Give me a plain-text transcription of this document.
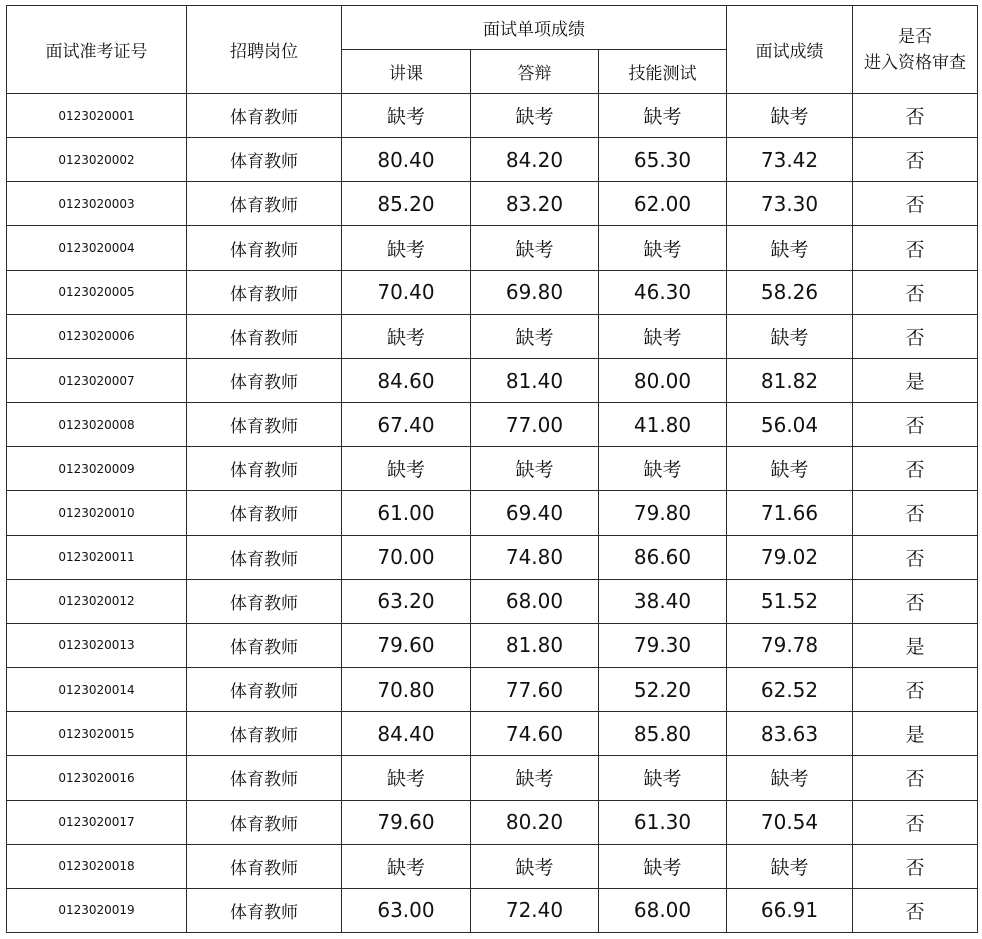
面试准考证号	招聘岗位	面试单项成绩			面试成绩	是否
进入资格审查

		讲课	答辩	技能测试		
0123020001	体育教师	缺考	缺考	缺考	缺考	否
0123020002	体育教师	80.40	84.20	65.30	73.42	否
0123020003	体育教师	85.20	83.20	62.00	73.30	否
0123020004	体育教师	缺考	缺考	缺考	缺考	否
0123020005	体育教师	70.40	69.80	46.30	58.26	否
0123020006	体育教师	缺考	缺考	缺考	缺考	否
0123020007	体育教师	84.60	81.40	80.00	81.82	是
0123020008	体育教师	67.40	77.00	41.80	56.04	否
0123020009	体育教师	缺考	缺考	缺考	缺考	否
0123020010	体育教师	61.00	69.40	79.80	71.66	否
0123020011	体育教师	70.00	74.80	86.60	79.02	否
0123020012	体育教师	63.20	68.00	38.40	51.52	否
0123020013	体育教师	79.60	81.80	79.30	79.78	是
0123020014	体育教师	70.80	77.60	52.20	62.52	否
0123020015	体育教师	84.40	74.60	85.80	83.63	是
0123020016	体育教师	缺考	缺考	缺考	缺考	否
0123020017	体育教师	79.60	80.20	61.30	70.54	否
0123020018	体育教师	缺考	缺考	缺考	缺考	否
0123020019	体育教师	63.00	72.40	68.00	66.91	否
